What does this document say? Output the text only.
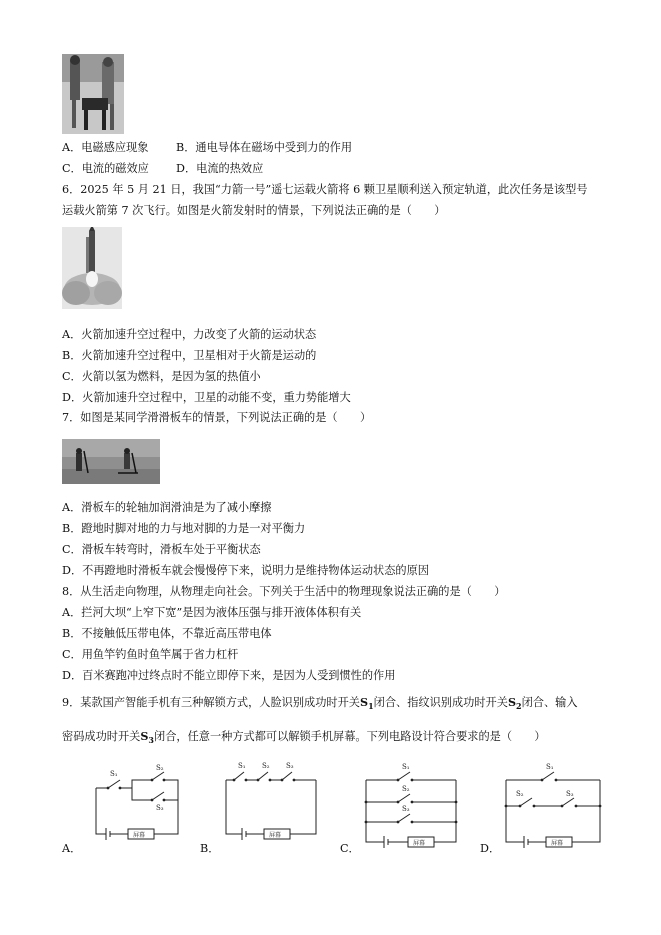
A．电磁感应现象 B．通电导体在磁场中受到力的作用
C．电流的磁效应 D．电流的热效应
6．2025 年 5 月 21 日，我国“力箭一号”遥七运载火箭将 6 颗卫星顺利送入预定轨道，此次任务是该型号
运载火箭第 7 次飞行。如图是火箭发射时的情景，下列说法正确的是（　　）
A．火箭加速升空过程中，力改变了火箭的运动状态
B．火箭加速升空过程中，卫星相对于火箭是运动的
C．火箭以氢为燃料，是因为氢的热值小
D．火箭加速升空过程中，卫星的动能不变，重力势能增大
7．如图是某同学滑滑板车的情景，下列说法正确的是（　　）
A．滑板车的轮轴加润滑油是为了减小摩擦
B．蹬地时脚对地的力与地对脚的力是一对平衡力
C．滑板车转弯时，滑板车处于平衡状态
D．不再蹬地时滑板车就会慢慢停下来，说明力是维持物体运动状态的原因
8．从生活走向物理，从物理走向社会。下列关于生活中的物理现象说法正确的是（　　）
A．拦河大坝“上窄下宽”是因为液体压强与排开液体体积有关
B．不接触低压带电体，不靠近高压带电体
C．用鱼竿钓鱼时鱼竿属于省力杠杆
D．百米赛跑冲过终点时不能立即停下来，是因为人受到惯性的作用
9．某款国产智能手机有三种解锁方式，人脸识别成功时开关$S_1$闭合、指纹识别成功时开关$S_2$闭合、输入
密码成功时开关$S_3$闭合，任意一种方式都可以解锁手机屏幕。下列电路设计符合要求的是（　　）
S₁
S₂
S₃
屏幕
A．
S₁ S₂ S₃
屏幕
B．
S₁
S₂
S₃
屏幕
C．
S₁
S₂	S₃
屏幕
D．
